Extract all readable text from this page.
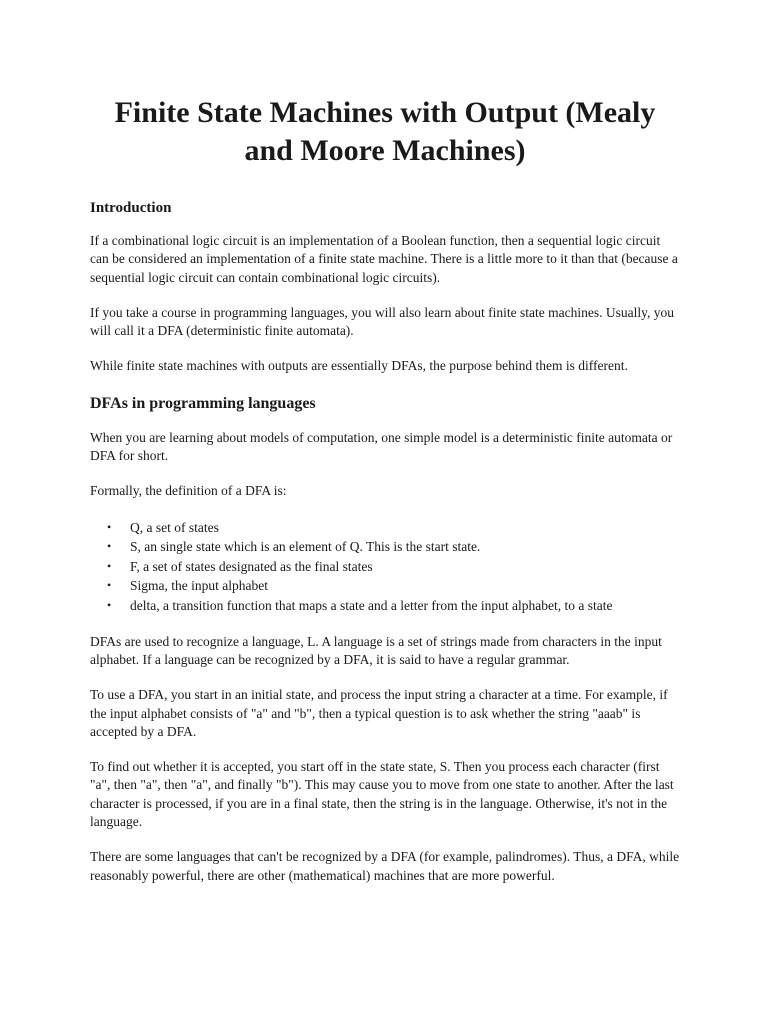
Finite State Machines with Output (Mealy and Moore Machines)
Introduction

If a combinational logic circuit is an implementation of a Boolean function, then a sequential logic circuit can be considered an implementation of a finite state machine. There is a little more to it than that (because a sequential logic circuit can contain combinational logic circuits).

If you take a course in programming languages, you will also learn about finite state machines. Usually, you will call it a DFA (deterministic finite automata).

While finite state machines with outputs are essentially DFAs, the purpose behind them is different.

DFAs in programming languages

When you are learning about models of computation, one simple model is a deterministic finite automata or DFA for short.

Formally, the definition of a DFA is:

• Q, a set of states
• S, an single state which is an element of Q. This is the start state.
• F, a set of states designated as the final states
• Sigma, the input alphabet
• delta, a transition function that maps a state and a letter from the input alphabet, to a state

DFAs are used to recognize a language, L. A language is a set of strings made from characters in the input alphabet. If a language can be recognized by a DFA, it is said to have a regular grammar.

To use a DFA, you start in an initial state, and process the input string a character at a time. For example, if the input alphabet consists of "a" and "b", then a typical question is to ask whether the string "aaab" is accepted by a DFA.

To find out whether it is accepted, you start off in the state state, S. Then you process each character (first "a", then "a", then "a", and finally "b"). This may cause you to move from one state to another. After the last character is processed, if you are in a final state, then the string is in the language. Otherwise, it's not in the language.

There are some languages that can't be recognized by a DFA (for example, palindromes). Thus, a DFA, while reasonably powerful, there are other (mathematical) machines that are more powerful.
